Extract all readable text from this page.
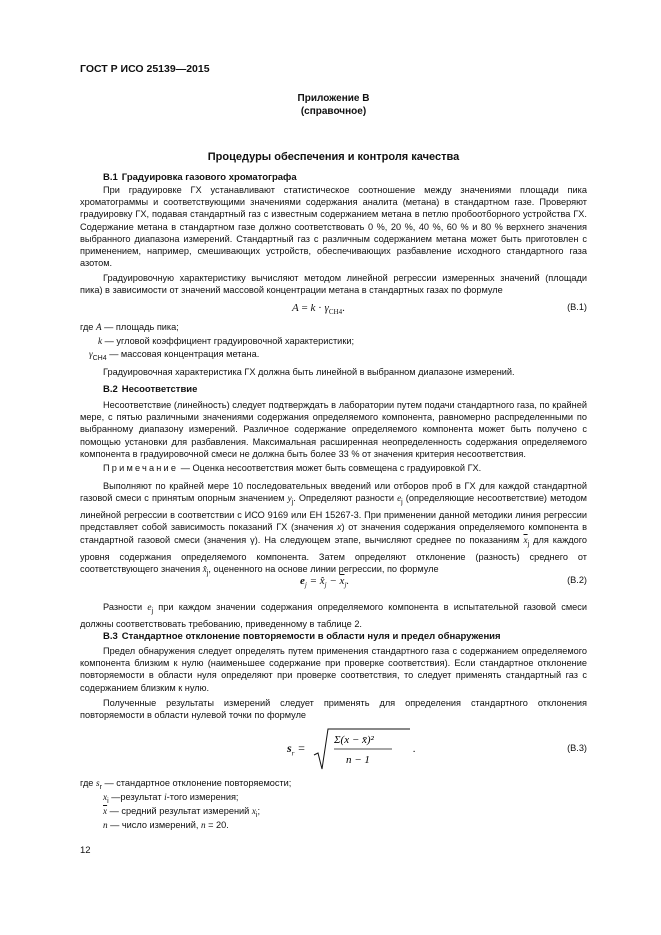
ГОСТ Р ИСО 25139—2015
Приложение В
(справочное)
Процедуры обеспечения и контроля качества
В.1 Градуировка газового хроматографа
При градуировке ГХ устанавливают статистическое соотношение между значениями площади пика хроматограммы и соответствующими значениями содержания аналита (метана) в стандартном газе. Проверяют градуировку ГХ, подавая стандартный газ с известным содержанием метана в петлю пробоотборного устройства ГХ. Содержание метана в стандартном газе должно соответствовать 0 %, 20 %, 40 %, 60 % и 80 % верхнего значения выбранного диапазона измерений. Стандартный газ с различным содержанием метана может быть приготовлен с применением, например, смешивающих устройств, обеспечивающих разбавление исходного стандартного газа азотом.
Градуировочную характеристику вычисляют методом линейной регрессии измеренных значений (площади пика) в зависимости от значений массовой концентрации метана в стандартных газах по формуле
$A = k \cdot \gamma_{CH4}$.	(В.1)
где A — площадь пика;
k — угловой коэффициент градуировочной характеристики;
$\gamma_{CH4}$ — массовая концентрация метана.
Градуировочная характеристика ГХ должна быть линейной в выбранном диапазоне измерений.
В.2 Несоответствие
Несоответствие (линейность) следует подтверждать в лаборатории путем подачи стандартного газа, по крайней мере, с пятью различными значениями содержания определяемого компонента, равномерно распределенными по выбранному диапазону измерений. Различное содержание определяемого компонента может быть получено с помощью установки для разбавления. Максимальная расширенная неопределенность содержания определяемого компонента в градуировочной смеси не должна быть более 33 % от значения критерия несоответствия.
Примечание — Оценка несоответствия может быть совмещена с градуировкой ГХ.
Выполняют по крайней мере 10 последовательных введений или отборов проб в ГХ для каждой стандартной газовой смеси с принятым опорным значением $y_j$. Определяют разности $e_j$ (определяющие несоответствие) методом линейной регрессии в соответствии с ИСО 9169 или ЕН 15267-3. При применении данной методики линия регрессии представляет собой зависимость показаний ГХ (значения x) от значения содержания определяемого компонента в стандартной газовой смеси (значения γ). На следующем этапе, вычисляют среднее по показаниям $\overline{x}_j$ для каждого уровня содержания определяемого компонента. Затем определяют отклонение (разность) среднего от соответствующего значения $x̂_j$, оцененного на основе линии регрессии, по формуле
$e_j$ = $x̂_j - \overline{x}_j$.	(В.2)
Разности $e_j$ при каждом значении содержания определяемого компонента в испытательной газовой смеси должны соответствовать требованию, приведенному в таблице 2.
В.3 Стандартное отклонение повторяемости в области нуля и предел обнаружения
Предел обнаружения следует определять путем применения стандартного газа с содержанием определяемого компонента близким к нулю (наименьшее содержание при проверке соответствия). Если стандартное отклонение повторяемости в области нуля определяют при проверке соответствия, то следует применять стандартный газ с содержанием близким к нулю.
Полученные результаты измерений следует применять для определения стандартного отклонения повторяемости в области нулевой точки по формуле
$s_r$ =
Σ(x − x̄)²
n − 1
.	(В.3)
где $s_r$ — стандартное отклонение повторяемости;
$x_i$ —результат i-того измерения;
$\overline{x}$ — средний результат измерений $x_i$;
n — число измерений, n = 20.
12
